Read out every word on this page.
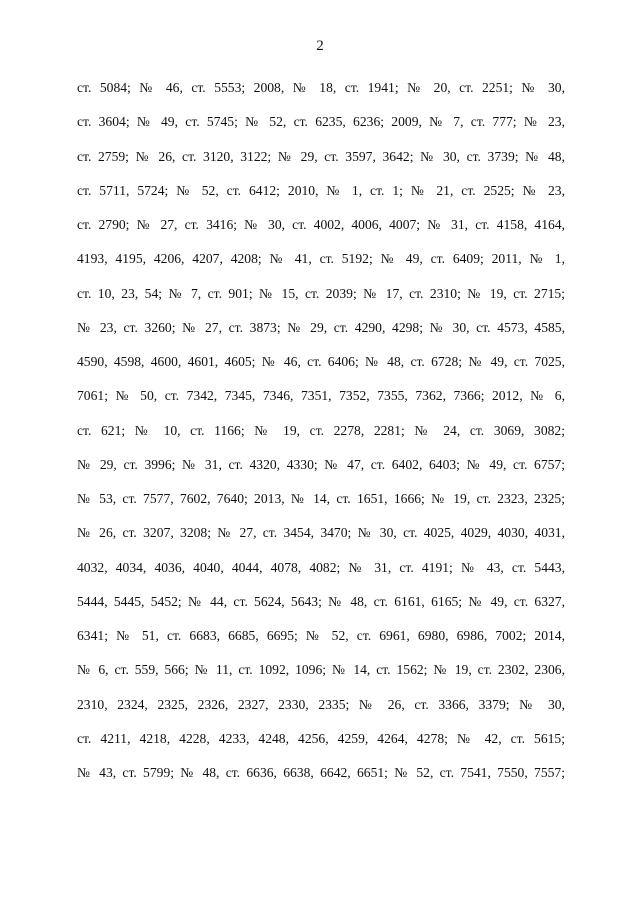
2
ст. 5084; № 46, ст. 5553; 2008, № 18, ст. 1941; № 20, ст. 2251; № 30,
ст. 3604; № 49, ст. 5745; № 52, ст. 6235, 6236; 2009, № 7, ст. 777; № 23,
ст. 2759; № 26, ст. 3120, 3122; № 29, ст. 3597, 3642; № 30, ст. 3739; № 48,
ст. 5711, 5724; № 52, ст. 6412; 2010, № 1, ст. 1; № 21, ст. 2525; № 23,
ст. 2790; № 27, ст. 3416; № 30, ст. 4002, 4006, 4007; № 31, ст. 4158, 4164,
4193, 4195, 4206, 4207, 4208; № 41, ст. 5192; № 49, ст. 6409; 2011, № 1,
ст. 10, 23, 54; № 7, ст. 901; № 15, ст. 2039; № 17, ст. 2310; № 19, ст. 2715;
№ 23, ст. 3260; № 27, ст. 3873; № 29, ст. 4290, 4298; № 30, ст. 4573, 4585,
4590, 4598, 4600, 4601, 4605; № 46, ст. 6406; № 48, ст. 6728; № 49, ст. 7025,
7061; № 50, ст. 7342, 7345, 7346, 7351, 7352, 7355, 7362, 7366; 2012, № 6,
ст. 621; № 10, ст. 1166; № 19, ст. 2278, 2281; № 24, ст. 3069, 3082;
№ 29, ст. 3996; № 31, ст. 4320, 4330; № 47, ст. 6402, 6403; № 49, ст. 6757;
№ 53, ст. 7577, 7602, 7640; 2013, № 14, ст. 1651, 1666; № 19, ст. 2323, 2325;
№ 26, ст. 3207, 3208; № 27, ст. 3454, 3470; № 30, ст. 4025, 4029, 4030, 4031,
4032, 4034, 4036, 4040, 4044, 4078, 4082; № 31, ст. 4191; № 43, ст. 5443,
5444, 5445, 5452; № 44, ст. 5624, 5643; № 48, ст. 6161, 6165; № 49, ст. 6327,
6341; № 51, ст. 6683, 6685, 6695; № 52, ст. 6961, 6980, 6986, 7002; 2014,
№ 6, ст. 559, 566; № 11, ст. 1092, 1096; № 14, ст. 1562; № 19, ст. 2302, 2306,
2310, 2324, 2325, 2326, 2327, 2330, 2335; № 26, ст. 3366, 3379; № 30,
ст. 4211, 4218, 4228, 4233, 4248, 4256, 4259, 4264, 4278; № 42, ст. 5615;
№ 43, ст. 5799; № 48, ст. 6636, 6638, 6642, 6651; № 52, ст. 7541, 7550, 7557;
